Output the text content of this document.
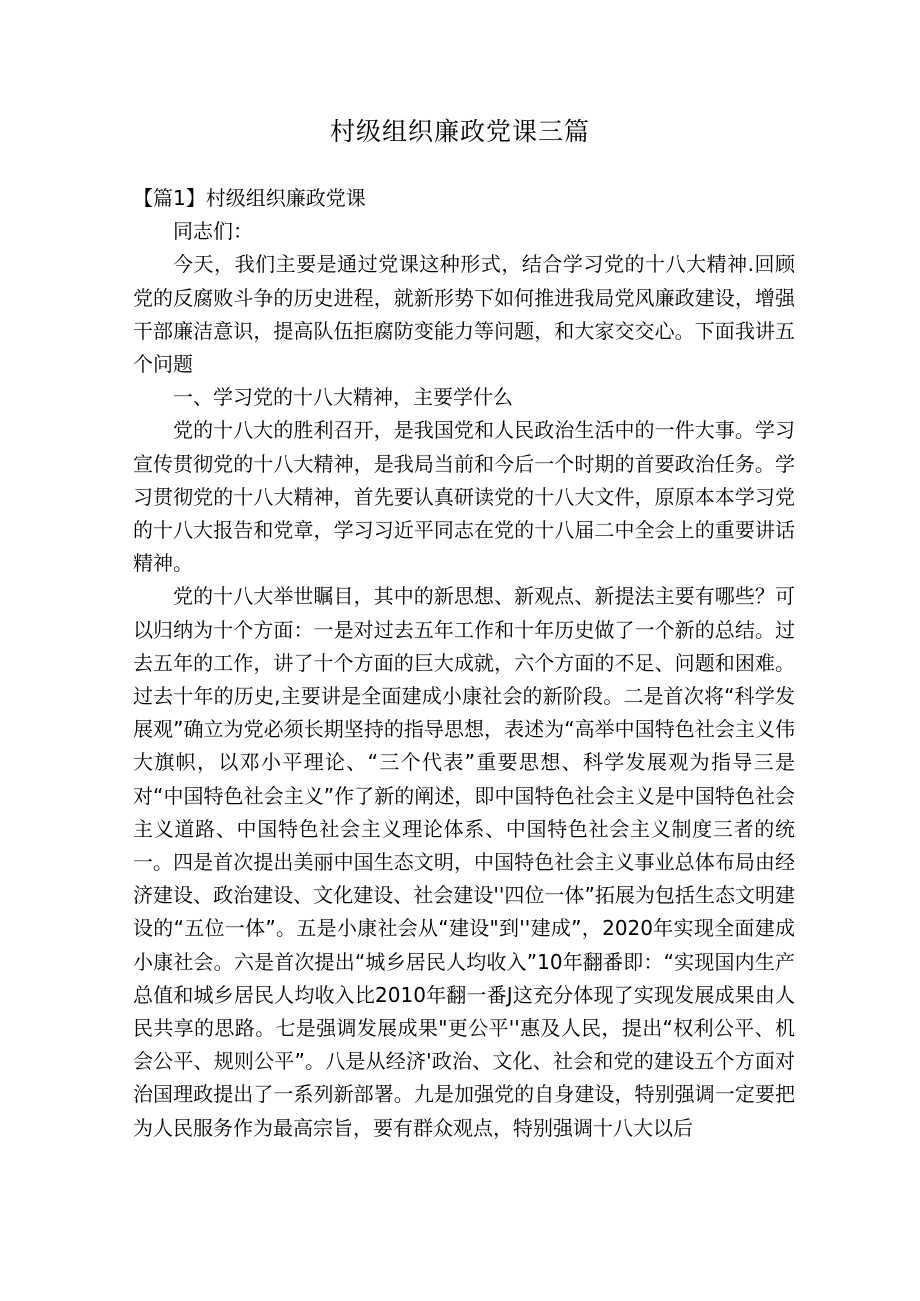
村级组织廉政党课三篇

【篇1】村级组织廉政党课

同志们：

今天，我们主要是通过党课这种形式，结合学习党的十八大精神.回顾党的反腐败斗争的历史进程，就新形势下如何推进我局党风廉政建设，增强干部廉洁意识，提高队伍拒腐防变能力等问题，和大家交交心。下面我讲五个问题

一、学习党的十八大精神，主要学什么

党的十八大的胜利召开，是我国党和人民政治生活中的一件大事。学习宣传贯彻党的十八大精神，是我局当前和今后一个时期的首要政治任务。学习贯彻党的十八大精神，首先要认真研读党的十八大文件，原原本本学习党的十八大报告和党章，学习习近平同志在党的十八届二中全会上的重要讲话精神。

党的十八大举世瞩目，其中的新思想、新观点、新提法主要有哪些？可以归纳为十个方面：一是对过去五年工作和十年历史做了一个新的总结。过去五年的工作，讲了十个方面的巨大成就，六个方面的不足、问题和困难。过去十年的历史,主要讲是全面建成小康社会的新阶段。二是首次将“科学发展观”确立为党必须长期坚持的指导思想，表述为“高举中国特色社会主义伟大旗帜，以邓小平理论、“三个代表”重要思想、科学发展观为指导三是对“中国特色社会主义”作了新的阐述，即中国特色社会主义是中国特色社会主义道路、中国特色社会主义理论体系、中国特色社会主义制度三者的统一。四是首次提出美丽中国生态文明，中国特色社会主义事业总体布局由经济建设、政治建设、文化建设、社会建设''四位一体”拓展为包括生态文明建设的“五位一体”。五是小康社会从“建设"到''建成”，2020年实现全面建成小康社会。六是首次提出“城乡居民人均收入”10年翻番即：“实现国内生产总值和城乡居民人均收入比2010年翻一番J这充分体现了实现发展成果由人民共享的思路。七是强调发展成果"更公平''惠及人民，提出“权利公平、机会公平、规则公平”。八是从经济'政治、文化、社会和党的建设五个方面对治国理政提出了一系列新部署。九是加强党的自身建设，特别强调一定要把为人民服务作为最高宗旨，要有群众观点，特别强调十八大以后
